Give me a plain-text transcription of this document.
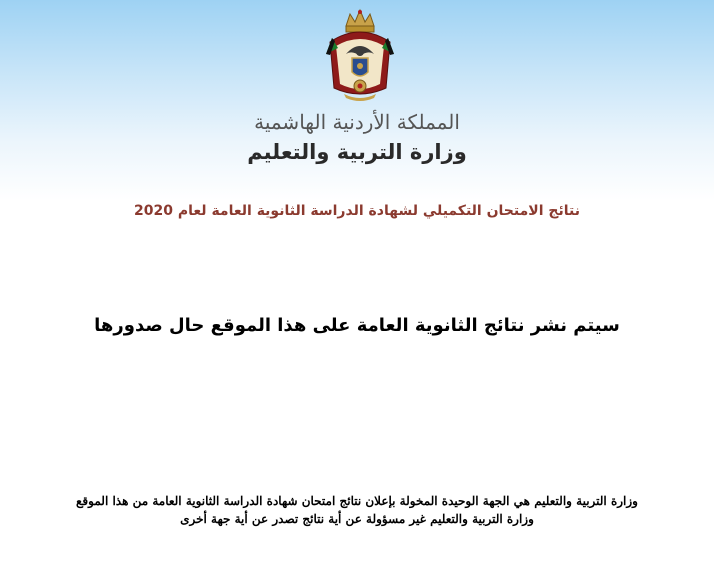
المملكة الأردنية الهاشمية
وزارة التربية والتعليم
نتائج الامتحان التكميلي لشهادة الدراسة الثانوية العامة لعام 2020
سيتم نشر نتائج الثانوية العامة على هذا الموقع حال صدورها
وزارة التربية والتعليم هي الجهة الوحيدة المخولة بإعلان نتائج امتحان شهادة الدراسة الثانوية العامة من هذا الموقع
وزارة التربية والتعليم غير مسؤولة عن أية نتائج تصدر عن أية جهة أخرى
